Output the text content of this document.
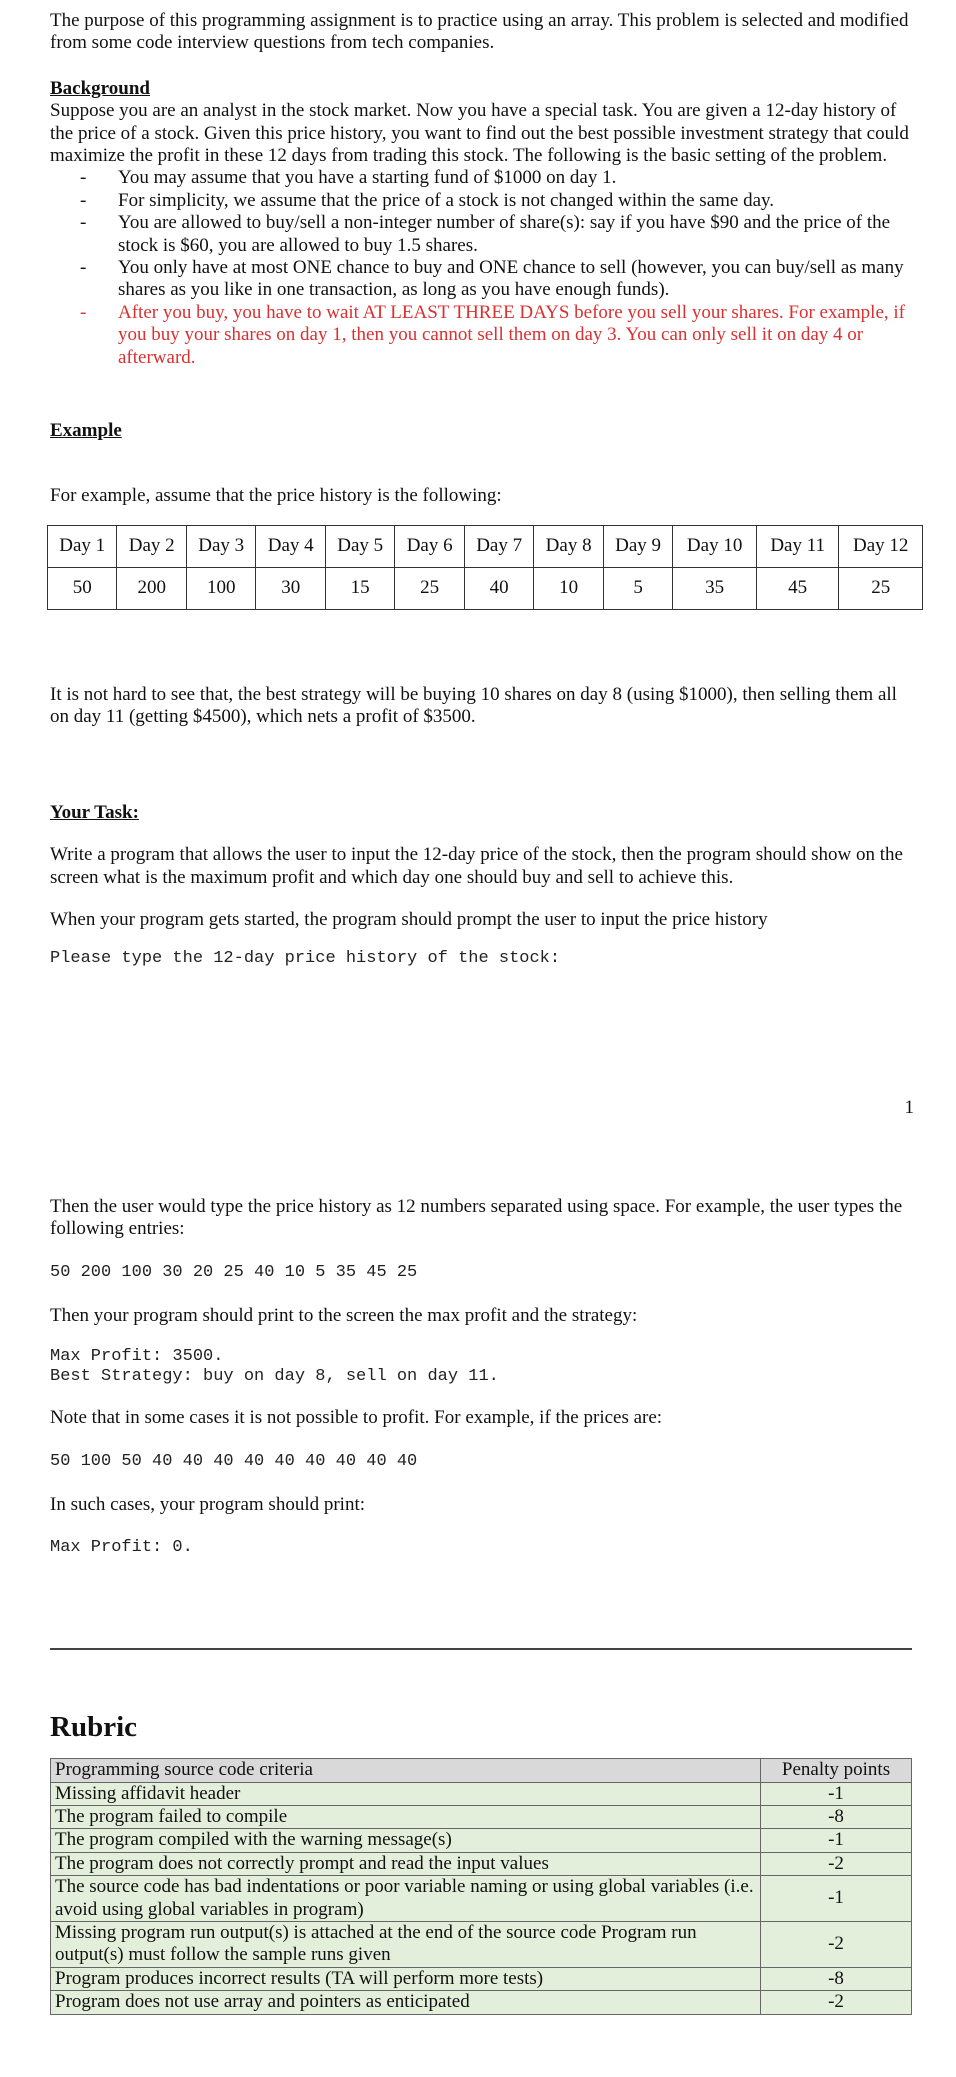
The purpose of this programming assignment is to practice using an array. This problem is selected and modified from some code interview questions from tech companies.

Background

Suppose you are an analyst in the stock market. Now you have a special task. You are given a 12-day history of the price of a stock. Given this price history, you want to find out the best possible investment strategy that could maximize the profit in these 12 days from trading this stock. The following is the basic setting of the problem.

- You may assume that you have a starting fund of $1000 on day 1.
- For simplicity, we assume that the price of a stock is not changed within the same day.
- You are allowed to buy/sell a non-integer number of share(s): say if you have $90 and the price of the stock is $60, you are allowed to buy 1.5 shares.
- You only have at most ONE chance to buy and ONE chance to sell (however, you can buy/sell as many shares as you like in one transaction, as long as you have enough funds).
- After you buy, you have to wait AT LEAST THREE DAYS before you sell your shares. For example, if you buy your shares on day 1, then you cannot sell them on day 3. You can only sell it on day 4 or afterward.

Example

For example, assume that the price history is the following:

Day 1	Day 2	Day 3	Day 4	Day 5	Day 6	Day 7	Day 8	Day 9	Day 10	Day 11	Day 12
50	200	100	30	15	25	40	10	5	35	45	25

It is not hard to see that, the best strategy will be buying 10 shares on day 8 (using $1000), then selling them all on day 11 (getting $4500), which nets a profit of $3500.

Your Task:

Write a program that allows the user to input the 12-day price of the stock, then the program should show on the screen what is the maximum profit and which day one should buy and sell to achieve this.

When your program gets started, the program should prompt the user to input the price history

Please type the 12-day price history of the stock:

Then the user would type the price history as 12 numbers separated using space. For example, the user types the following entries:

50 200 100 30 20 25 40 10 5 35 45 25

Then your program should print to the screen the max profit and the strategy:

Max Profit: 3500.

Best Strategy: buy on day 8, sell on day 11.

Note that in some cases it is not possible to profit. For example, if the prices are:

50 100 50 40 40 40 40 40 40 40 40 40

In such cases, your program should print:

Max Profit: 0.

Rubric

Programming source code criteria	Penalty points
Missing affidavit header	-1
The program failed to compile	-8
The program compiled with the warning message(s)	-1
The program does not correctly prompt and read the input values	-2
The source code has bad indentations or poor variable naming or using global variables (i.e. avoid using global variables in program)	-1
Missing program run output(s) is attached at the end of the source code Program run output(s) must follow the sample runs given	-2
Program produces incorrect results (TA will perform more tests)	-8
Program does not use array and pointers as enticipated	-2
1
